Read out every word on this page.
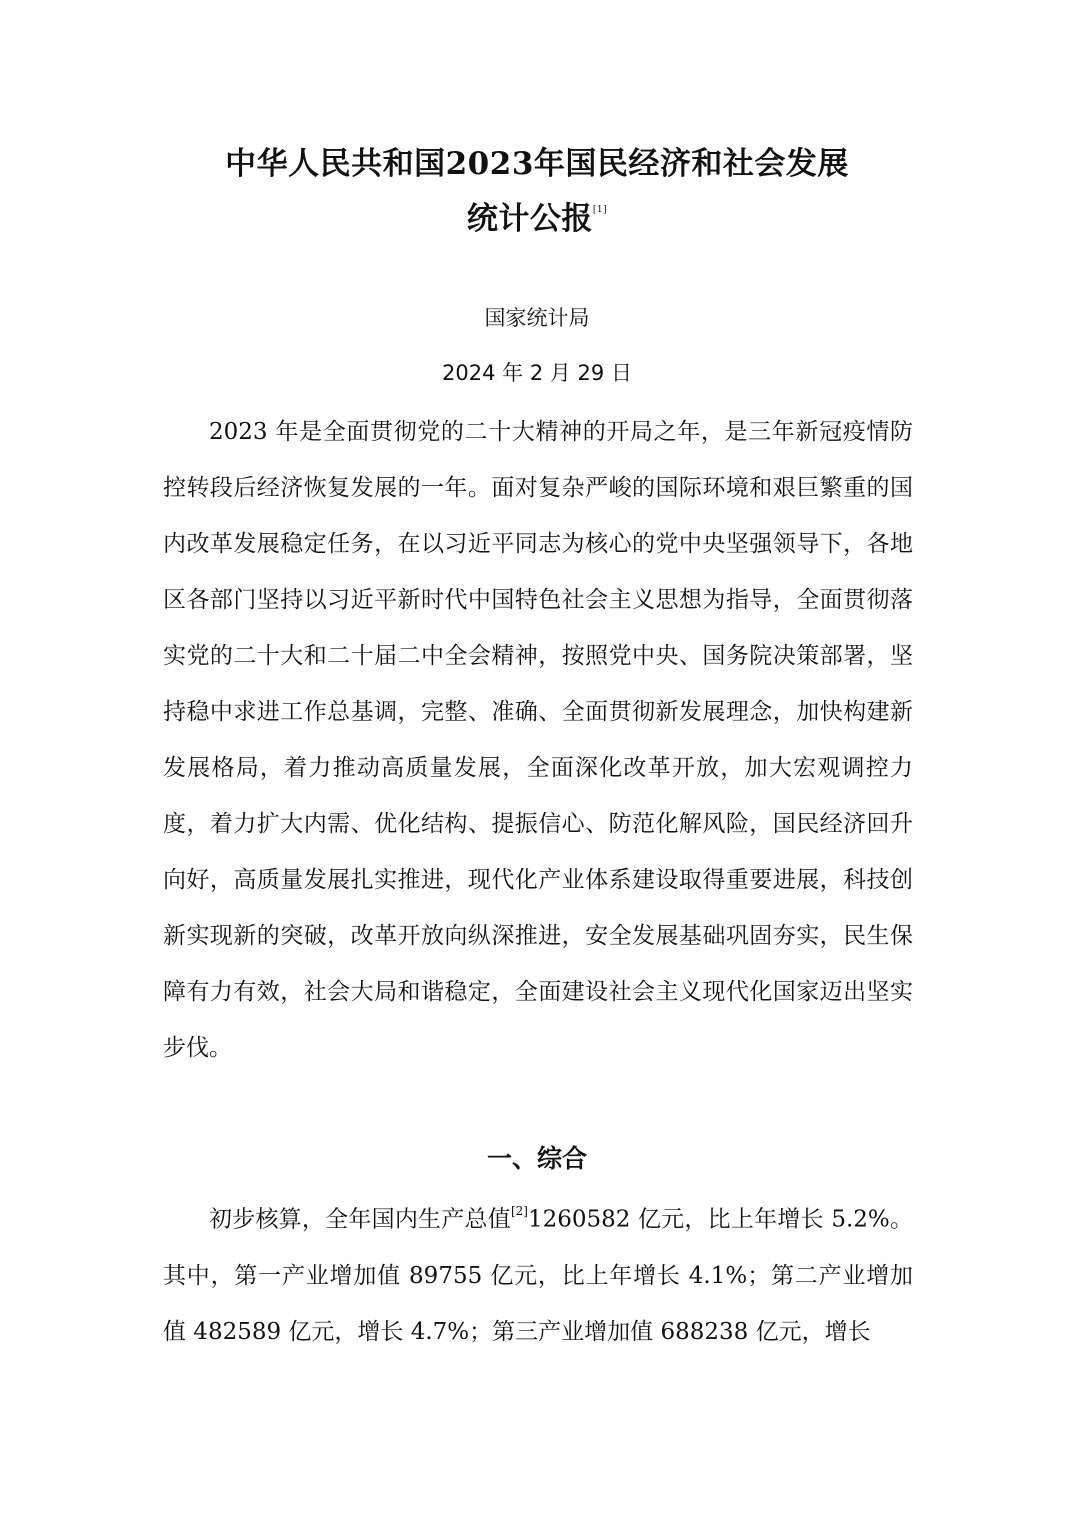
中华人民共和国2023年国民经济和社会发展
统计公报[1]
国家统计局
2024 年 2 月 29 日

2023 年是全面贯彻党的二十大精神的开局之年，是三年新冠疫情防控转段后经济恢复发展的一年。面对复杂严峻的国际环境和艰巨繁重的国内改革发展稳定任务，在以习近平同志为核心的党中央坚强领导下，各地区各部门坚持以习近平新时代中国特色社会主义思想为指导，全面贯彻落实党的二十大和二十届二中全会精神，按照党中央、国务院决策部署，坚持稳中求进工作总基调，完整、准确、全面贯彻新发展理念，加快构建新发展格局，着力推动高质量发展，全面深化改革开放，加大宏观调控力度，着力扩大内需、优化结构、提振信心、防范化解风险，国民经济回升向好，高质量发展扎实推进，现代化产业体系建设取得重要进展，科技创新实现新的突破，改革开放向纵深推进，安全发展基础巩固夯实，民生保障有力有效，社会大局和谐稳定，全面建设社会主义现代化国家迈出坚实步伐。

一、综合

初步核算，全年国内生产总值[2]1260582 亿元，比上年增长 5.2%。其中，第一产业增加值 89755 亿元，比上年增长 4.1%；第二产业增加值 482589 亿元，增长 4.7%；第三产业增加值 688238 亿元，增长
